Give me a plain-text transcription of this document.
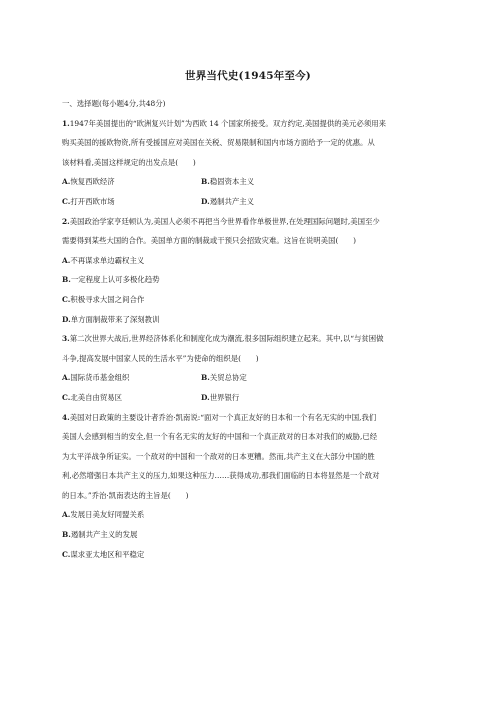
世界当代史(1945年至今)
一、选择题(每小题4分,共48分)
1.1947年美国提出的“欧洲复兴计划”为西欧 14 个国家所接受。双方约定,美国提供的美元必须用来
购买美国的援欧物资,所有受援国应对美国在关税、贸易限制和国内市场方面给予一定的优惠。从
该材料看,美国这样规定的出发点是(　　)
A.恢复西欧经济	B.稳固资本主义
C.打开西欧市场	D.遏制共产主义
2.美国政治学家亨廷顿认为,美国人必须不再把当今世界看作单极世界,在处理国际问题时,美国至少
需要得到某些大国的合作。美国单方面的制裁或干预只会招致灾难。这旨在说明美国(　　)
A.不再谋求单边霸权主义
B.一定程度上认可多极化趋势
C.积极寻求大国之间合作
D.单方面制裁带来了深刻教训
3.第二次世界大战后,世界经济体系化和制度化成为潮流,很多国际组织建立起来。其中,以“与贫困做
斗争,提高发展中国家人民的生活水平”为使命的组织是(　　)
A.国际货币基金组织	B.关贸总协定
C.北美自由贸易区	D.世界银行
4.美国对日政策的主要设计者乔治·凯南说:“面对一个真正友好的日本和一个有名无实的中国,我们
美国人会感到相当的安全,但一个有名无实的友好的中国和一个真正敌对的日本对我们的威胁,已经
为太平洋战争所证实。一个敌对的中国和一个敌对的日本更糟。然而,共产主义在大部分中国的胜
利,必然增强日本共产主义的压力,如果这种压力……获得成功,那我们面临的日本将显然是一个敌对
的日本。”乔治·凯南表达的主旨是(　　)
A.发展日美友好同盟关系
B.遏制共产主义的发展
C.谋求亚太地区和平稳定
